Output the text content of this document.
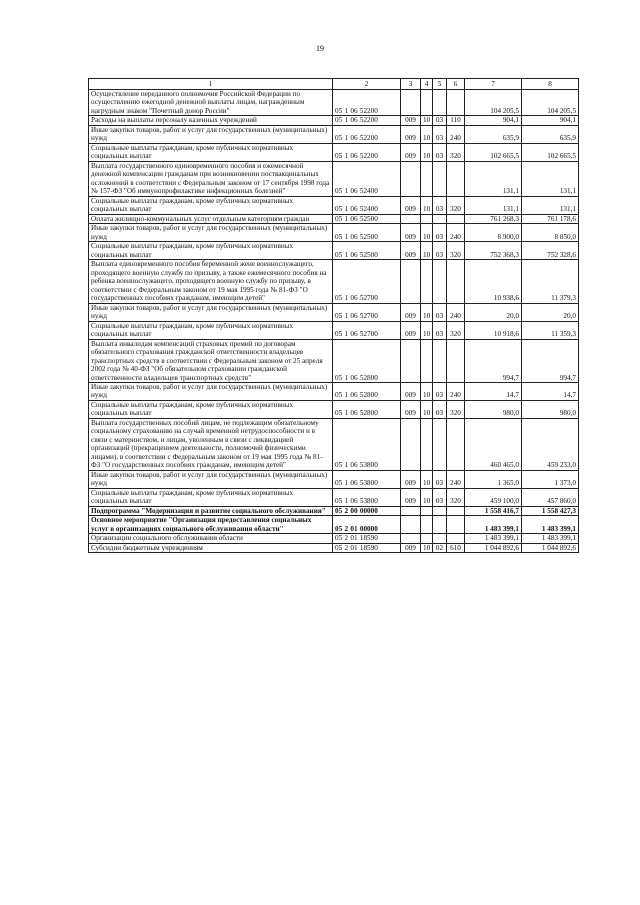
19
1	2	3	4	5	6	7	8
Осуществление переданного полномочия Российской Федерации по осуществлению ежегодной денежной выплаты лицам, награжденным нагрудным знаком "Почетный донор России"	05 1 06 52200					104 205,5	104 205,5
Расходы на выплаты персоналу казенных учреждений	05 1 06 52200	009	10	03	110	904,1	904,1
Иные закупки товаров, работ и услуг для государственных (муниципальных) нужд	05 1 06 52200	009	10	03	240	635,9	635,9
Социальные выплаты гражданам, кроме публичных нормативных социальных выплат	05 1 06 52200	009	10	03	320	102 665,5	102 665,5
Выплата государственного единовременного пособия и ежемесячной денежной компенсации гражданам при возникновении поствакцинальных осложнений в соответствии с Федеральным законом от 17 сентября 1998 года № 157-ФЗ "Об иммунопрофилактике инфекционных болезней"	05 1 06 52400					131,1	131,1
Социальные выплаты гражданам, кроме публичных нормативных социальных выплат	05 1 06 52400	009	10	03	320	131,1	131,1
Оплата жилищно-коммунальных услуг отдельным категориям граждан	05 1 06 52500					761 268,3	761 178,6
Иные закупки товаров, работ и услуг для государственных (муниципальных) нужд	05 1 06 52500	009	10	03	240	8 900,0	8 850,0
Социальные выплаты гражданам, кроме публичных нормативных социальных выплат	05 1 06 52500	009	10	03	320	752 368,3	752 328,6
Выплата единовременного пособия беременной жене военнослужащего, проходящего военную службу по призыву, а также ежемесячного пособия на ребенка военнослужащего, проходящего военную службу по призыву, в соответствии с Федеральным законом от 19 мая 1995 года № 81-ФЗ "О государственных пособиях гражданам, имеющим детей"	05 1 06 52700					10 938,6	11 379,3
Иные закупки товаров, работ и услуг для государственных (муниципальных) нужд	05 1 06 52700	009	10	03	240	20,0	20,0
Социальные выплаты гражданам, кроме публичных нормативных социальных выплат	05 1 06 52700	009	10	03	320	10 918,6	11 359,3
Выплата инвалидам компенсаций страховых премий по договорам обязательного страхования гражданской ответственности владельцев транспортных средств в соответствии с Федеральным законом от 25 апреля 2002 года № 40-ФЗ "Об обязательном страховании гражданской ответственности владельцев транспортных средств"	05 1 06 52800					994,7	994,7
Иные закупки товаров, работ и услуг для государственных (муниципальных) нужд	05 1 06 52800	009	10	03	240	14,7	14,7
Социальные выплаты гражданам, кроме публичных нормативных социальных выплат	05 1 06 52800	009	10	03	320	980,0	980,0
Выплата государственных пособий лицам, не подлежащим обязательному социальному страхованию на случай временной нетрудоспособности и в связи с материнством, и лицам, уволенным в связи с ликвидацией организаций (прекращением деятельности, полномочий физическими лицами), в соответствии с Федеральным законом от 19 мая 1995 года № 81-ФЗ "О государственных пособиях гражданам, имеющим детей"	05 1 06 53800					460 465,0	459 233,0
Иные закупки товаров, работ и услуг для государственных (муниципальных) нужд	05 1 06 53800	009	10	03	240	1 365,0	1 373,0
Социальные выплаты гражданам, кроме публичных нормативных социальных выплат	05 1 06 53800	009	10	03	320	459 100,0	457 860,0
Подпрограмма "Модернизация и развитие социального обслуживания"	05 2 00 00000					1 558 416,7	1 558 427,3
Основное мероприятие "Организация предоставления социальных услуг в организациях социального обслуживания области"	05 2 01 00000					1 483 399,1	1 483 399,1
Организации социального обслуживания области	05 2 01 18590					1 483 399,1	1 483 399,1
Субсидии бюджетным учреждениям	05 2 01 18590	009	10	02	610	1 044 892,6	1 044 892,6
